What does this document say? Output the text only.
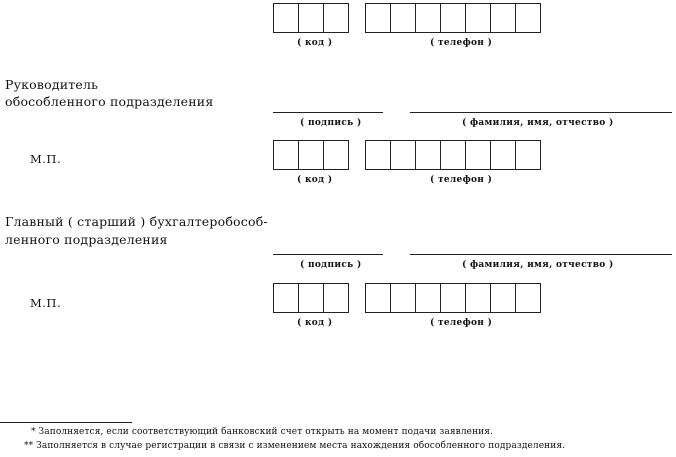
( код )	( телефон )
Руководитель
обособленного подразделения
( подпись )	( фамилия, имя, отчество )
М.П.
( код )	( телефон )
Главный ( старший ) бухгалтеробособ-
ленного подразделения
( подпись )	( фамилия, имя, отчество )
М.П.
( код )	( телефон )
* Заполняется, если соответствующий банковский счет открыть на момент подачи заявления.
** Заполняется в случае регистрации в связи с изменением места нахождения обособленного подразделения.
